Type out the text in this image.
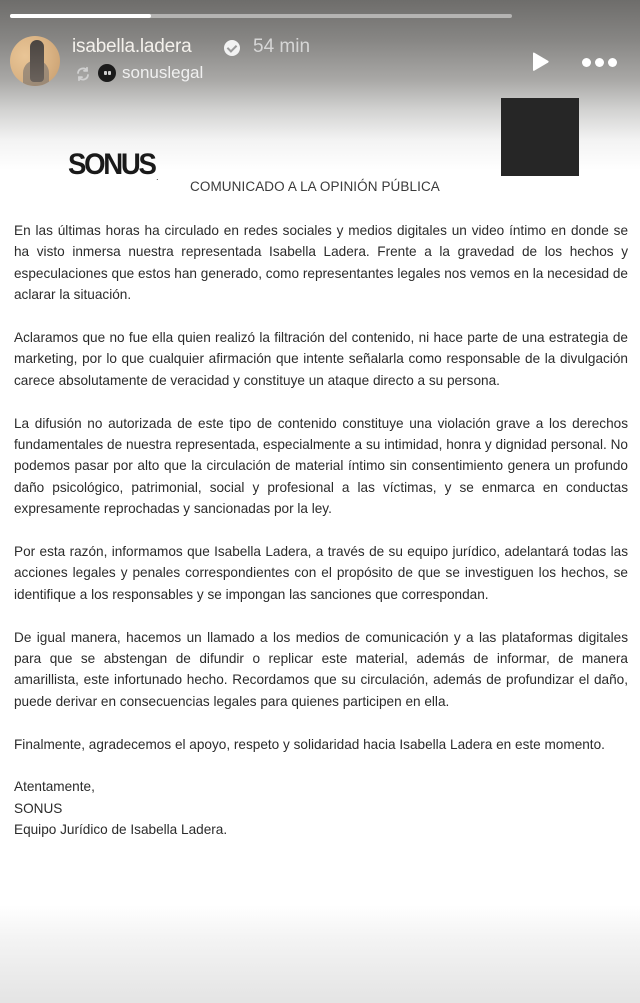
isabella.ladera	54 min
sonuslegal
SONUS . COMUNICADO A LA OPINIÓN PÚBLICA

En las últimas horas ha circulado en redes sociales y medios digitales un video íntimo en donde se ha visto inmersa nuestra representada Isabella Ladera. Frente a la gravedad de los hechos y especulaciones que estos han generado, como representantes legales nos vemos en la necesidad de aclarar la situación.

Aclaramos que no fue ella quien realizó la filtración del contenido, ni hace parte de una estrategia de marketing, por lo que cualquier afirmación que intente señalarla como responsable de la divulgación carece absolutamente de veracidad y constituye un ataque directo a su persona.

La difusión no autorizada de este tipo de contenido constituye una violación grave a los derechos fundamentales de nuestra representada, especialmente a su intimidad, honra y dignidad personal. No podemos pasar por alto que la circulación de material íntimo sin consentimiento genera un profundo daño psicológico, patrimonial, social y profesional a las víctimas, y se enmarca en conductas expresamente reprochadas y sancionadas por la ley.

Por esta razón, informamos que Isabella Ladera, a través de su equipo jurídico, adelantará todas las acciones legales y penales correspondientes con el propósito de que se investiguen los hechos, se identifique a los responsables y se impongan las sanciones que correspondan.

De igual manera, hacemos un llamado a los medios de comunicación y a las plataformas digitales para que se abstengan de difundir o replicar este material, además de informar, de manera amarillista, este infortunado hecho. Recordamos que su circulación, además de profundizar el daño, puede derivar en consecuencias legales para quienes participen en ella.

Finalmente, agradecemos el apoyo, respeto y solidaridad hacia Isabella Ladera en este momento.

Atentamente,
SONUS
Equipo Jurídico de Isabella Ladera.
